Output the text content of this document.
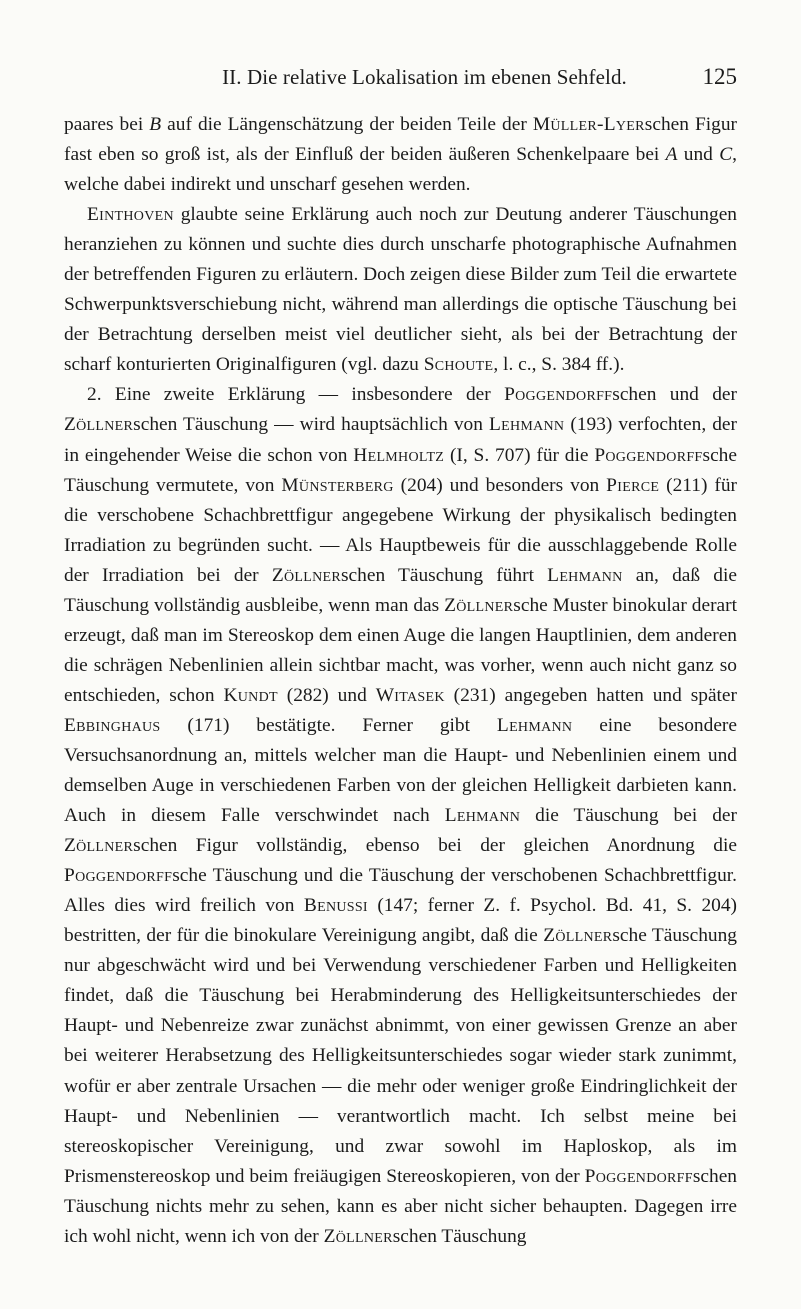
II. Die relative Lokalisation im ebenen Sehfeld.	125

paares bei B auf die Längenschätzung der beiden Teile der Müller-Lyerschen Figur fast eben so groß ist, als der Einfluß der beiden äußeren Schenkelpaare bei A und C, welche dabei indirekt und unscharf gesehen werden.

Einthoven glaubte seine Erklärung auch noch zur Deutung anderer Täuschungen heranziehen zu können und suchte dies durch unscharfe photographische Aufnahmen der betreffenden Figuren zu erläutern. Doch zeigen diese Bilder zum Teil die erwartete Schwerpunktsverschiebung nicht, während man allerdings die optische Täuschung bei der Betrachtung derselben meist viel deutlicher sieht, als bei der Betrachtung der scharf konturierten Originalfiguren (vgl. dazu Schoute, l. c., S. 384 ff.).

2. Eine zweite Erklärung — insbesondere der Poggendorffschen und der Zöllnerschen Täuschung — wird hauptsächlich von Lehmann (193) verfochten, der in eingehender Weise die schon von Helmholtz (I, S. 707) für die Poggendorffsche Täuschung vermutete, von Münsterberg (204) und besonders von Pierce (211) für die verschobene Schachbrettfigur angegebene Wirkung der physikalisch bedingten Irradiation zu begründen sucht. — Als Hauptbeweis für die ausschlaggebende Rolle der Irradiation bei der Zöllnerschen Täuschung führt Lehmann an, daß die Täuschung vollständig ausbleibe, wenn man das Zöllnersche Muster binokular derart erzeugt, daß man im Stereoskop dem einen Auge die langen Hauptlinien, dem anderen die schrägen Nebenlinien allein sichtbar macht, was vorher, wenn auch nicht ganz so entschieden, schon Kundt (282) und Witasek (231) angegeben hatten und später Ebbinghaus (171) bestätigte. Ferner gibt Lehmann eine besondere Versuchsanordnung an, mittels welcher man die Haupt- und Nebenlinien einem und demselben Auge in verschiedenen Farben von der gleichen Helligkeit darbieten kann. Auch in diesem Falle verschwindet nach Lehmann die Täuschung bei der Zöllnerschen Figur vollständig, ebenso bei der gleichen Anordnung die Poggendorffsche Täuschung und die Täuschung der verschobenen Schachbrettfigur. Alles dies wird freilich von Benussi (147; ferner Z. f. Psychol. Bd. 41, S. 204) bestritten, der für die binokulare Vereinigung angibt, daß die Zöllnersche Täuschung nur abgeschwächt wird und bei Verwendung verschiedener Farben und Helligkeiten findet, daß die Täuschung bei Herabminderung des Helligkeitsunterschiedes der Haupt- und Nebenreize zwar zunächst abnimmt, von einer gewissen Grenze an aber bei weiterer Herabsetzung des Helligkeitsunterschiedes sogar wieder stark zunimmt, wofür er aber zentrale Ursachen — die mehr oder weniger große Eindringlichkeit der Haupt- und Nebenlinien — verantwortlich macht. Ich selbst meine bei stereoskopischer Vereinigung, und zwar sowohl im Haploskop, als im Prismenstereoskop und beim freiäugigen Stereoskopieren, von der Poggendorffschen Täuschung nichts mehr zu sehen, kann es aber nicht sicher behaupten. Dagegen irre ich wohl nicht, wenn ich von der Zöllnerschen Täuschung
